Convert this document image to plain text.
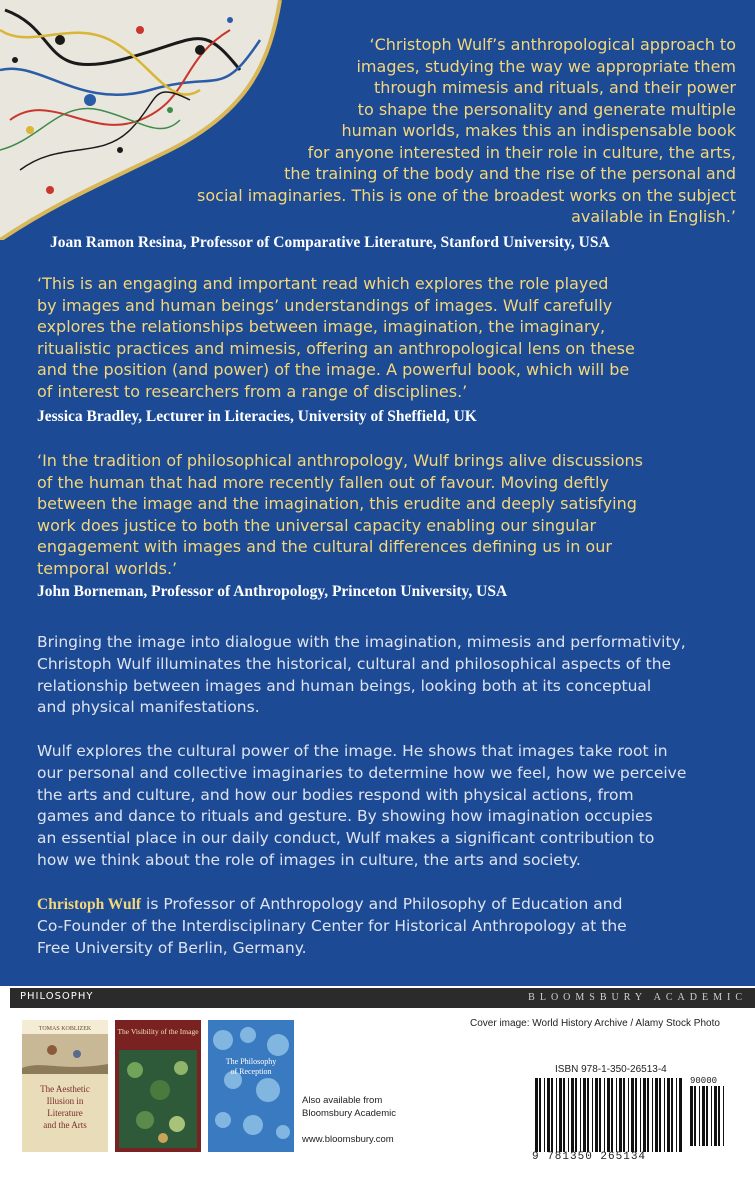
‘Christoph Wulf’s anthropological approach to
images, studying the way we appropriate them
through mimesis and rituals, and their power
to shape the personality and generate multiple
human worlds, makes this an indispensable book
for anyone interested in their role in culture, the arts,
the training of the body and the rise of the personal and
social imaginaries. This is one of the broadest works on the subject
available in English.’
Joan Ramon Resina, Professor of Comparative Literature, Stanford University, USA
‘This is an engaging and important read which explores the role played
by images and human beings’ understandings of images. Wulf carefully
explores the relationships between image, imagination, the imaginary,
ritualistic practices and mimesis, offering an anthropological lens on these
and the position (and power) of the image. A powerful book, which will be
of interest to researchers from a range of disciplines.’
Jessica Bradley, Lecturer in Literacies, University of Sheffield, UK
‘In the tradition of philosophical anthropology, Wulf brings alive discussions
of the human that had more recently fallen out of favour. Moving deftly
between the image and the imagination, this erudite and deeply satisfying
work does justice to both the universal capacity enabling our singular
engagement with images and the cultural differences defining us in our
temporal worlds.’
John Borneman, Professor of Anthropology, Princeton University, USA
Bringing the image into dialogue with the imagination, mimesis and performativity,
Christoph Wulf illuminates the historical, cultural and philosophical aspects of the
relationship between images and human beings, looking both at its conceptual
and physical manifestations.
Wulf explores the cultural power of the image. He shows that images take root in
our personal and collective imaginaries to determine how we feel, how we perceive
the arts and culture, and how our bodies respond with physical actions, from
games and dance to rituals and gesture. By showing how imagination occupies
an essential place in our daily conduct, Wulf makes a significant contribution to
how we think about the role of images in culture, the arts and society.
Christoph Wulf is Professor of Anthropology and Philosophy of Education and
Co-Founder of the Interdisciplinary Center for Historical Anthropology at the
Free University of Berlin, Germany.
PHILOSOPHY	BLOOMSBURY ACADEMIC
TOMAS KOBLIZEK
The Aesthetic
Illusion in
Literature
and the Arts
The Visibility of the Image
The Philosophy
of Reception
Cover image: World History Archive / Alamy Stock Photo
Also available from
Bloomsbury Academic
www.bloomsbury.com
ISBN 978-1-350-26513-4
90000
9 781350 265134
